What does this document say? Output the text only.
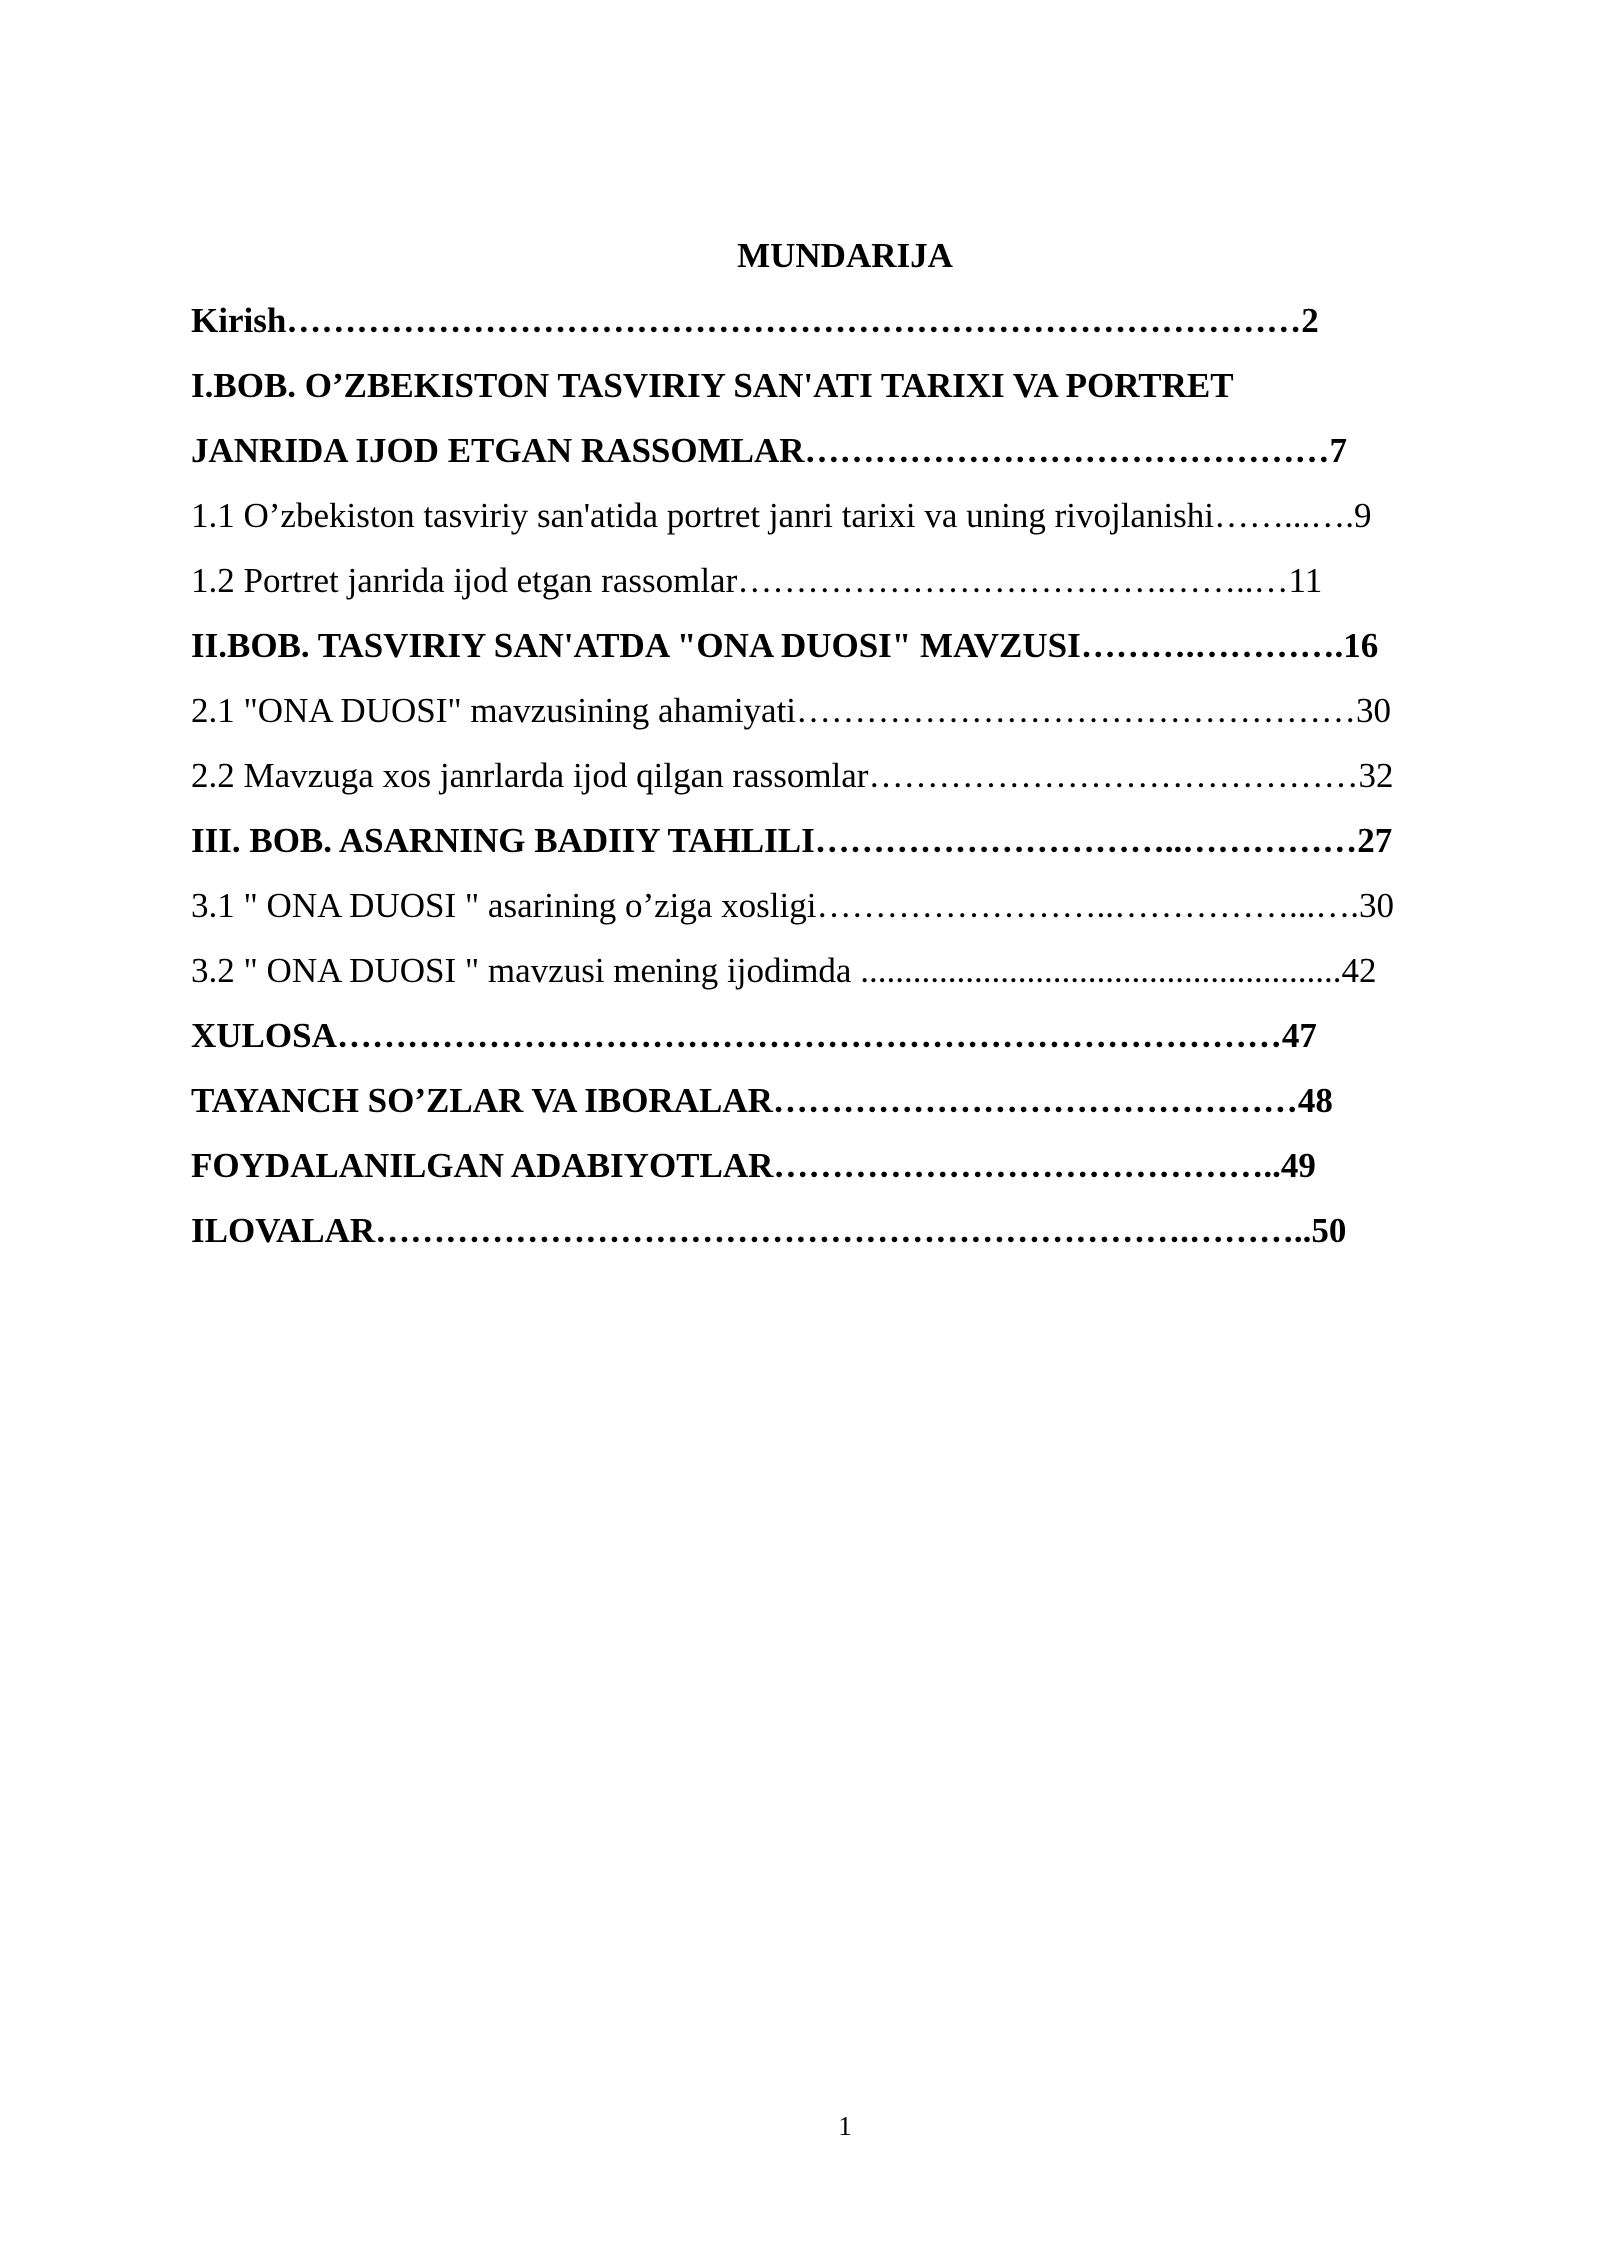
MUNDARIJA
Kirish……………………………………………………………………………2
I.BOB. O’ZBEKISTON TASVIRIY SAN'ATI TARIXI VA PORTRET
JANRIDA IJOD ETGAN RASSOMLAR………………………………………7
1.1 O’zbekiston tasviriy san'atida portret janri tarixi va uning rivojlanishi……...….9
1.2 Portret janrida ijod etgan rassomlar……………………………….……..…11
II.BOB. TASVIRIY SAN'ATDA "ONA DUOSI" MAVZUSI……….………….16
2.1 "ONA DUOSI" mavzusining ahamiyati…………………………………………30
2.2 Mavzuga xos janrlarda ijod qilgan rassomlar……………………………………32
III. BOB. ASARNING BADIIY TAHLILI…………………………..……………27
3.1 " ONA DUOSI " asarining o’ziga xosligi……………………..……………...….30
3.2 " ONA DUOSI " mavzusi mening ijodimda .......................................................42
XULOSA………………………………………………………………………47
TAYANCH SO’ZLAR VA IBORALAR………………………………………48
FOYDALANILGAN ADABIYOTLAR……………………………………..49
ILOVALAR…………………………………………………………….………..50
1
